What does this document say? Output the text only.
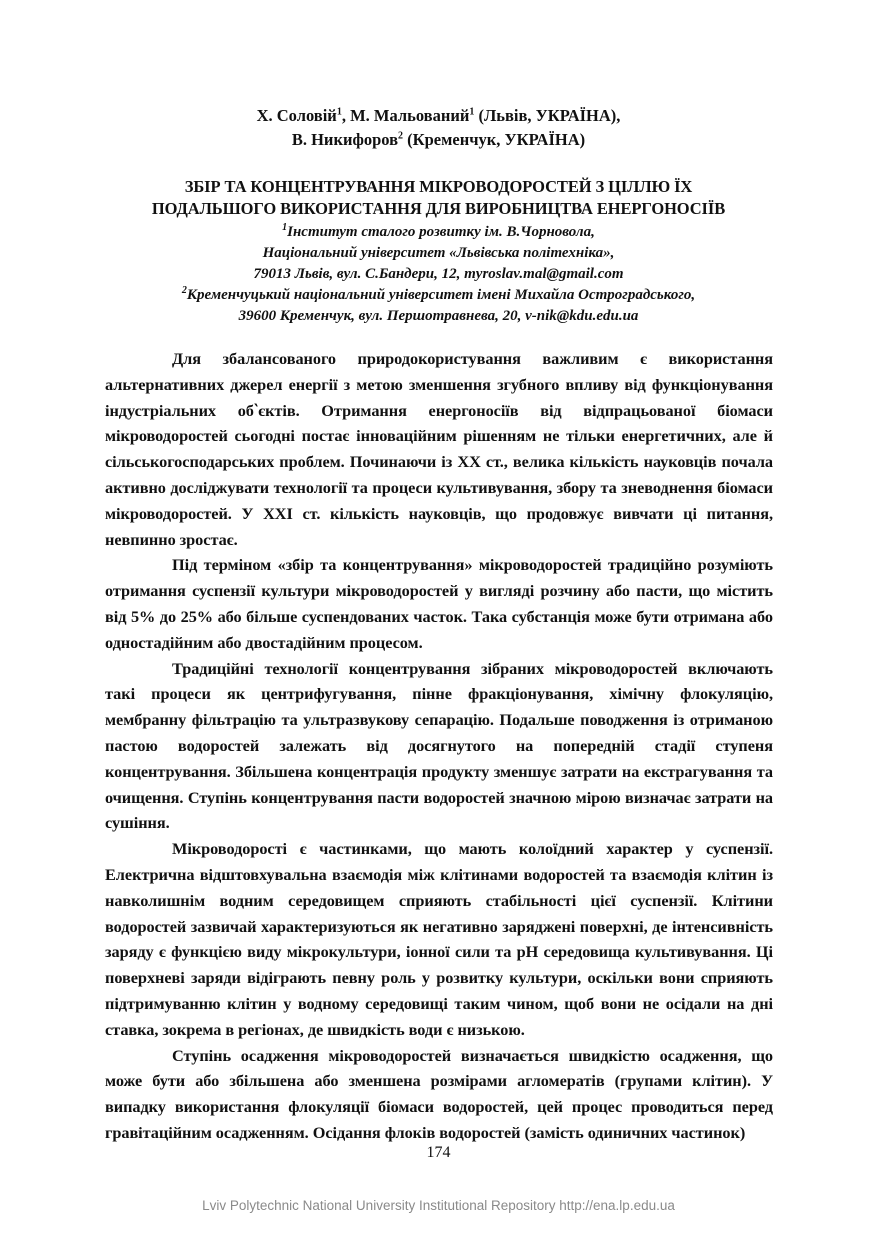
Х. Соловій$^1$, М. Мальований$^1$ (Львів, УКРАЇНА),
В. Никифоров$^2$ (Кременчук, УКРАЇНА)
ЗБІР ТА КОНЦЕНТРУВАННЯ МІКРОВОДОРОСТЕЙ З ЦІЛЛЮ ЇХ
ПОДАЛЬШОГО ВИКОРИСТАННЯ ДЛЯ ВИРОБНИЦТВА ЕНЕРГОНОСІЇВ
$^1$Інститут сталого розвитку ім. В.Чорновола,
Національний університет «Львівська політехніка»,
79013 Львів, вул. С.Бандери, 12, myroslav.mal@gmail.com
$^2$Кременчуцький національний університет імені Михайла Остроградського,
39600 Кременчук, вул. Першотравнева, 20, v-nik@kdu.edu.ua

Для збалансованого природокористування важливим є використання альтернативних джерел енергії з метою зменшення згубного впливу від функціонування індустріальних об‵єктів. Отримання енергоносіїв від відпрацьованої біомаси мікроводоростей сьогодні постає інноваційним рішенням не тільки енергетичних, але й сільськогосподарських проблем. Починаючи із ХХ ст., велика кількість науковців почала активно досліджувати технології та процеси культивування, збору та зневоднення біомаси мікроводоростей. У ХХІ ст. кількість науковців, що продовжує вивчати ці питання, невпинно зростає.

Під терміном «збір та концентрування» мікроводоростей традиційно розуміють отримання суспензії культури мікроводоростей у вигляді розчину або пасти, що містить від 5% до 25% або більше суспендованих часток. Така субстанція може бути отримана або одностадійним або двостадійним процесом.

Традиційні технології концентрування зібраних мікроводоростей включають такі процеси як центрифугування, пінне фракціонування, хімічну флокуляцію, мембранну фільтрацію та ультразвукову сепарацію. Подальше поводження із отриманою пастою водоростей залежать від досягнутого на попередній стадії ступеня концентрування. Збільшена концентрація продукту зменшує затрати на екстрагування та очищення. Ступінь концентрування пасти водоростей значною мірою визначає затрати на сушіння.

Мікроводорості є частинками, що мають колоїдний характер у суспензії. Електрична відштовхувальна взаємодія між клітинами водоростей та взаємодія клітин із навколишнім водним середовищем сприяють стабільності цієї суспензії. Клітини водоростей зазвичай характеризуються як негативно заряджені поверхні, де інтенсивність заряду є функцією виду мікрокультури, іонної сили та рН середовища культивування. Ці поверхневі заряди відіграють певну роль у розвитку культури, оскільки вони сприяють підтримуванню клітин у водному середовищі таким чином, щоб вони не осідали на дні ставка, зокрема в регіонах, де швидкість води є низькою.

Ступінь осадження мікроводоростей визначається швидкістю осадження, що може бути або збільшена або зменшена розмірами агломератів (групами клітин). У випадку використання флокуляції біомаси водоростей, цей процес проводиться перед гравітаційним осадженням. Осідання флоків водоростей (замість одиничних частинок)

174
Lviv Polytechnic National University Institutional Repository http://ena.lp.edu.ua
